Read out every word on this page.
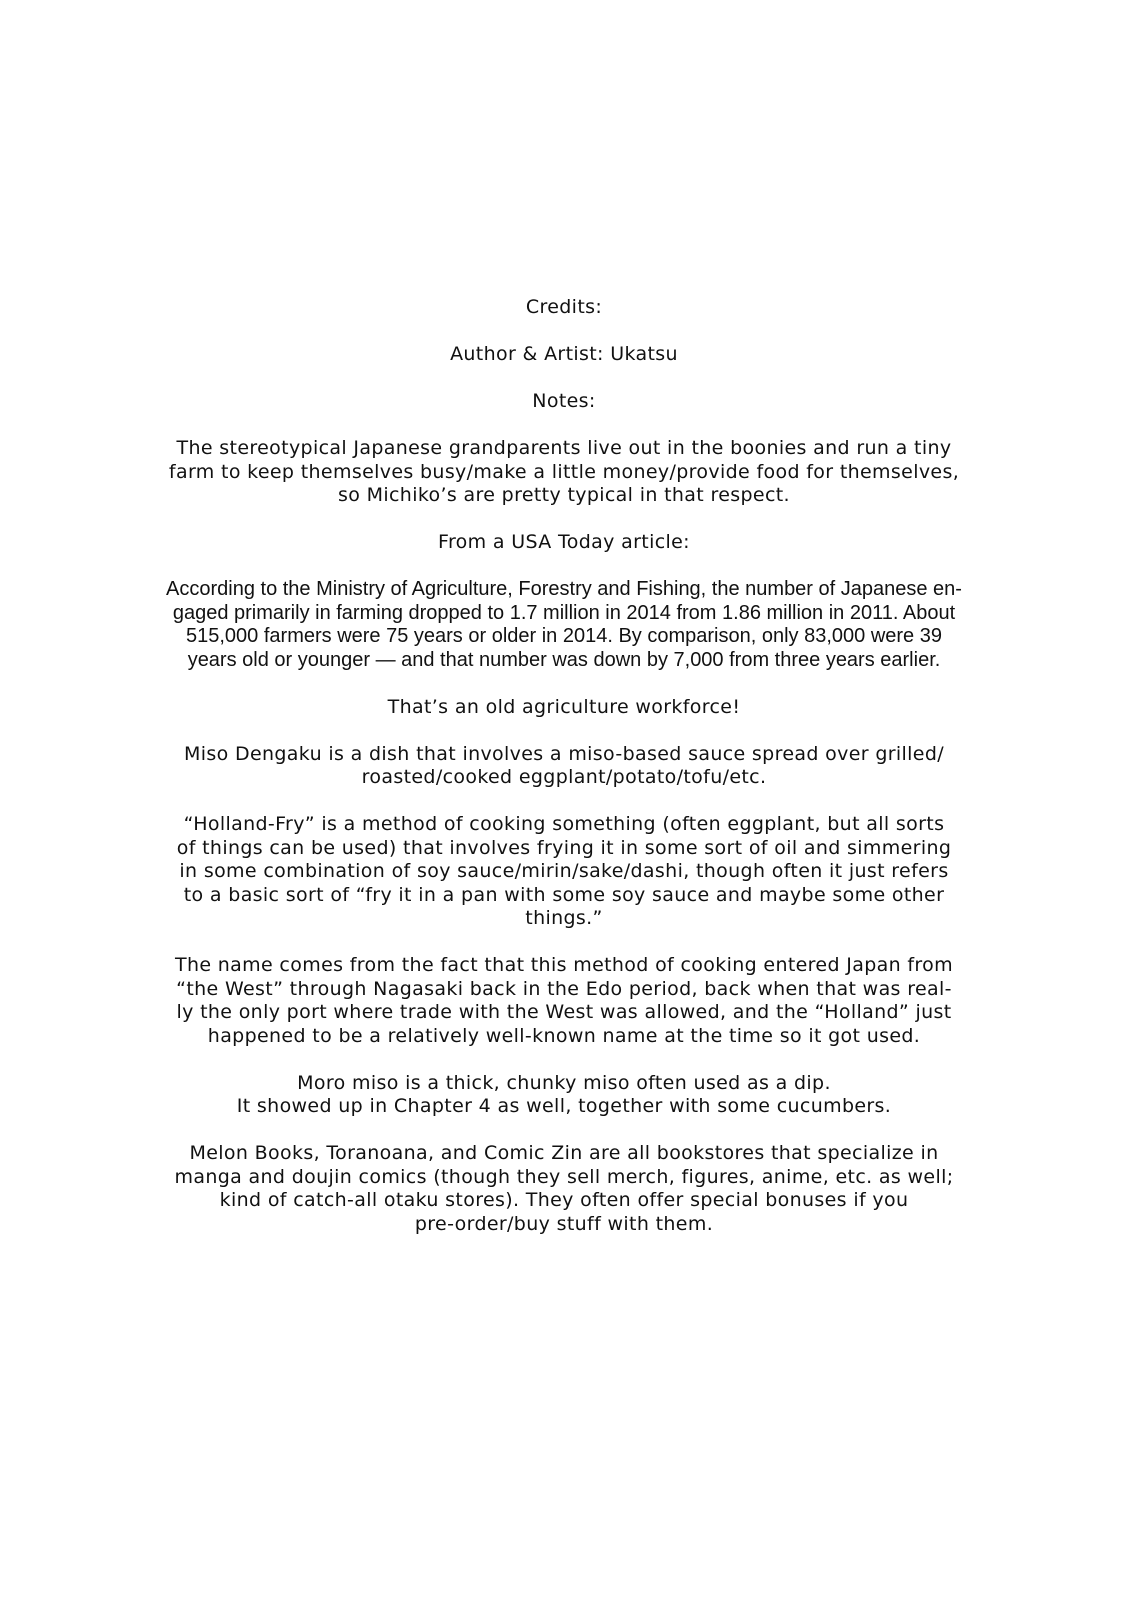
Credits:
Author & Artist: Ukatsu
Notes:
The stereotypical Japanese grandparents live out in the boonies and run a tiny
farm to keep themselves busy/make a little money/provide food for themselves,
so Michiko’s are pretty typical in that respect.
From a USA Today article:
According to the Ministry of Agriculture, Forestry and Fishing, the number of Japanese en-
gaged primarily in farming dropped to 1.7 million in 2014 from 1.86 million in 2011. About
515,000 farmers were 75 years or older in 2014. By comparison, only 83,000 were 39
years old or younger — and that number was down by 7,000 from three years earlier.
That’s an old agriculture workforce!
Miso Dengaku is a dish that involves a miso-based sauce spread over grilled/
roasted/cooked eggplant/potato/tofu/etc.
“Holland-Fry” is a method of cooking something (often eggplant, but all sorts
of things can be used) that involves frying it in some sort of oil and simmering
in some combination of soy sauce/mirin/sake/dashi, though often it just refers
to a basic sort of “fry it in a pan with some soy sauce and maybe some other
things.”
The name comes from the fact that this method of cooking entered Japan from
“the West” through Nagasaki back in the Edo period, back when that was real-
ly the only port where trade with the West was allowed, and the “Holland” just
happened to be a relatively well-known name at the time so it got used.
Moro miso is a thick, chunky miso often used as a dip.
It showed up in Chapter 4 as well, together with some cucumbers.
Melon Books, Toranoana, and Comic Zin are all bookstores that specialize in
manga and doujin comics (though they sell merch, figures, anime, etc. as well;
kind of catch-all otaku stores). They often offer special bonuses if you
pre-order/buy stuff with them.
